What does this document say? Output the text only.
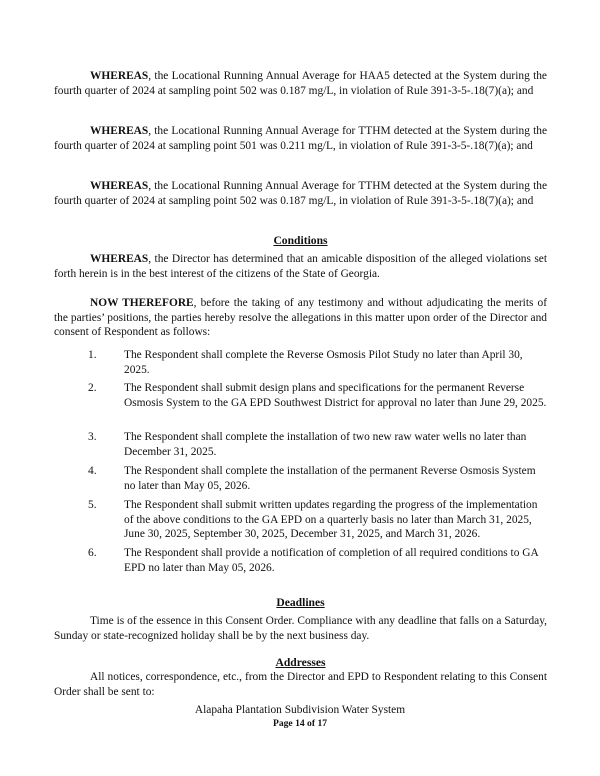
WHEREAS, the Locational Running Annual Average for HAA5 detected at the System during the fourth quarter of 2024 at sampling point 502 was 0.187 mg/L, in violation of Rule 391-3-5-.18(7)(a); and

WHEREAS, the Locational Running Annual Average for TTHM detected at the System during the fourth quarter of 2024 at sampling point 501 was 0.211 mg/L, in violation of Rule 391-3-5-.18(7)(a); and

WHEREAS, the Locational Running Annual Average for TTHM detected at the System during the fourth quarter of 2024 at sampling point 502 was 0.187 mg/L, in violation of Rule 391-3-5-.18(7)(a); and

Conditions

WHEREAS, the Director has determined that an amicable disposition of the alleged violations set forth herein is in the best interest of the citizens of the State of Georgia.

NOW THEREFORE, before the taking of any testimony and without adjudicating the merits of the parties’ positions, the parties hereby resolve the allegations in this matter upon order of the Director and consent of Respondent as follows:

1.	The Respondent shall complete the Reverse Osmosis Pilot Study no later than April 30, 2025.
2.	The Respondent shall submit design plans and specifications for the permanent Reverse Osmosis System to the GA EPD Southwest District for approval no later than June 29, 2025.
3.	The Respondent shall complete the installation of two new raw water wells no later than December 31, 2025.
4.	The Respondent shall complete the installation of the permanent Reverse Osmosis System no later than May 05, 2026.
5.	The Respondent shall submit written updates regarding the progress of the implementation of the above conditions to the GA EPD on a quarterly basis no later than March 31, 2025, June 30, 2025, September 30, 2025, December 31, 2025, and March 31, 2026.
6.	The Respondent shall provide a notification of completion of all required conditions to GA EPD no later than May 05, 2026.
Deadlines

Time is of the essence in this Consent Order. Compliance with any deadline that falls on a Saturday, Sunday or state-recognized holiday shall be by the next business day.

Addresses

All notices, correspondence, etc., from the Director and EPD to Respondent relating to this Consent Order shall be sent to:

Alapaha Plantation Subdivision Water System
Page 14 of 17
